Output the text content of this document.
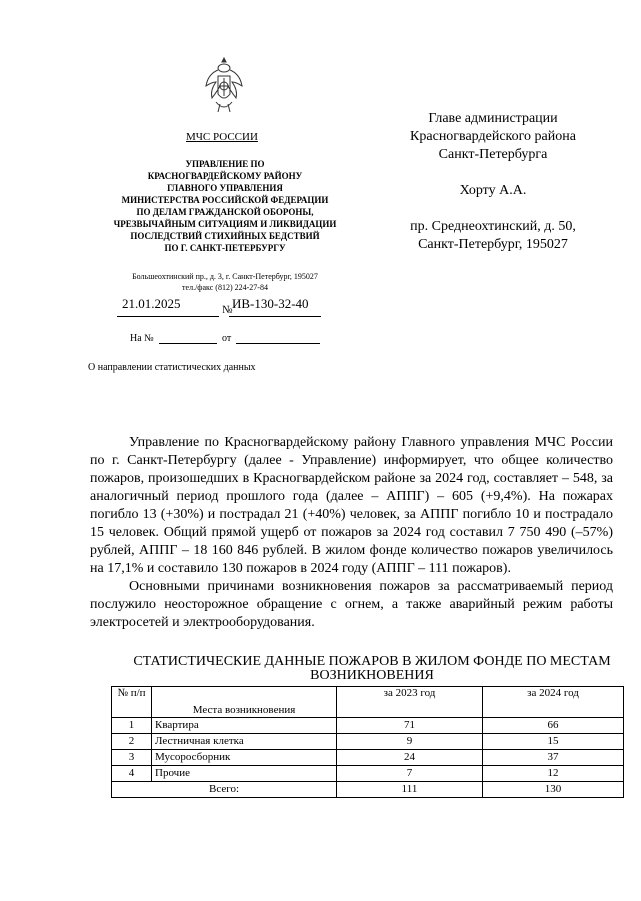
МЧС РОССИИ
УПРАВЛЕНИЕ ПО
КРАСНОГВАРДЕЙСКОМУ РАЙОНУ
ГЛАВНОГО УПРАВЛЕНИЯ
МИНИСТЕРСТВА РОССИЙСКОЙ ФЕДЕРАЦИИ
ПО ДЕЛАМ ГРАЖДАНСКОЙ ОБОРОНЫ,
ЧРЕЗВЫЧАЙНЫМ СИТУАЦИЯМ И ЛИКВИДАЦИИ
ПОСЛЕДСТВИЙ СТИХИЙНЫХ БЕДСТВИЙ
ПО Г. САНКТ-ПЕТЕРБУРГУ
Большеохтинский пр., д. 3, г. Санкт-Петербург, 195027
тел./факс (812) 224-27-84
21.01.2025	№ ИВ-130-32-40
На №	от
О направлении статистических данных
Главе администрации
Красногвардейского района
Санкт-Петербурга
Хорту А.А.
пр. Среднеохтинский, д. 50,
Санкт-Петербург, 195027

Управление по Красногвардейскому району Главного управления МЧС России по г. Санкт-Петербургу (далее - Управление) информирует, что общее количество пожаров, произошедших в Красногвардейском районе за 2024 год, составляет – 548, за аналогичный период прошлого года (далее – АППГ) – 605 (+9,4%). На пожарах погибло 13 (+30%) и пострадал 21 (+40%) человек, за АППГ погибло 10 и пострадало 15 человек. Общий прямой ущерб от пожаров за 2024 год составил 7 750 490 (–57%) рублей, АППГ – 18 160 846 рублей. В жилом фонде количество пожаров увеличилось на 17,1% и составило 130 пожаров в 2024 году (АППГ – 111 пожаров).

Основными причинами возникновения пожаров за рассматриваемый период послужило неосторожное обращение с огнем, а также аварийный режим работы электросетей и электрооборудования.

СТАТИСТИЧЕСКИЕ ДАННЫЕ ПОЖАРОВ В ЖИЛОМ ФОНДЕ ПО МЕСТАМ ВОЗНИКНОВЕНИЯ
№ п/п	Места возникновения	за 2023 год	за 2024 год
1	Квартира	71	66
2	Лестничная клетка	9	15
3	Мусоросборник	24	37
4	Прочие	7	12
Всего:		111	130
